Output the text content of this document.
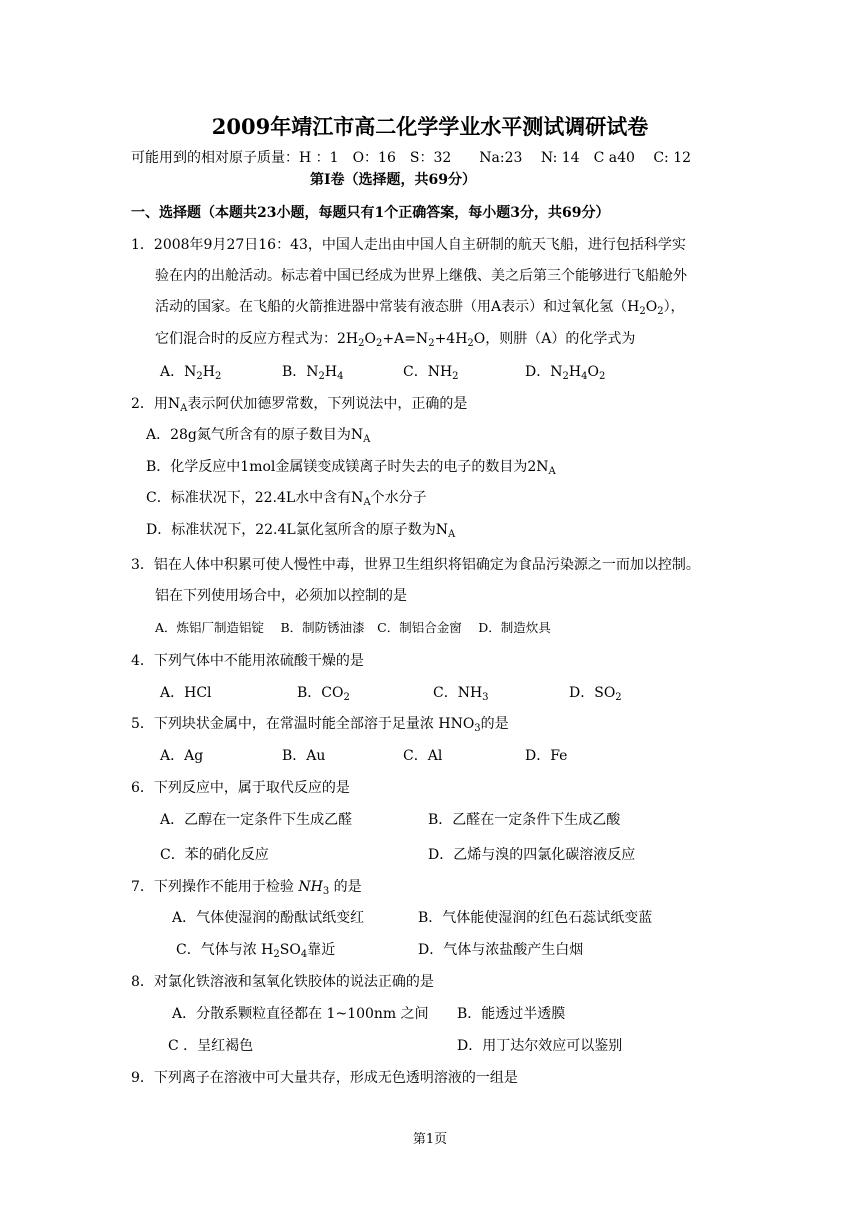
2009年靖江市高二化学学业水平测试调研试卷
可能用到的相对原子质量：H ：1　O：16　S：32　　Na:23　 N: 14　C a40　 C: 12
第Ⅰ卷（选择题，共69分）
一、选择题（本题共23小题，每题只有1个正确答案，每小题3分，共69分）
1．2008年9月27日16：43，中国人走出由中国人自主研制的航天飞船，进行包括科学实
验在内的出舱活动。标志着中国已经成为世界上继俄、美之后第三个能够进行飞船舱外
活动的国家。在飞船的火箭推进器中常装有液态肼（用A表示）和过氧化氢$(H_2O_2)$，
它们混合时的反应方程式为：$2H_2O_2+A=N_2+4H_2O$，则肼（A）的化学式为
A．$N_2H_2$	B．$N_2H_4$	C．$NH_2$	D．$N_2H_4O_2$
2．用$N_A$表示阿伏加德罗常数，下列说法中，正确的是
A．28g氮气所含有的原子数目为$N_A$
B．化学反应中1mol金属镁变成镁离子时失去的电子的数目为$2N_A$
C．标准状况下，22.4L水中含有$N_A$个水分子
D．标准状况下，22.4L氯化氢所含的原子数为$N_A$
3．铝在人体中积累可使人慢性中毒，世界卫生组织将铝确定为食品污染源之一而加以控制。
铝在下列使用场合中，必须加以控制的是
A．炼铝厂制造铝锭　 B．制防锈油漆　C．制铝合金窗　 D．制造炊具
4．下列气体中不能用浓硫酸干燥的是
A．HCl	B．$CO_2$	C．$NH_3$	D．$SO_2$
5．下列块状金属中，在常温时能全部溶于足量浓 $HNO_3$的是
A．Ag	B．Au	C．Al	D．Fe
6．下列反应中，属于取代反应的是
A．乙醇在一定条件下生成乙醛	B．乙醛在一定条件下生成乙酸
C．苯的硝化反应	D．乙烯与溴的四氯化碳溶液反应
7．下列操作不能用于检验 $NH_3$ 的是
A．气体使湿润的酚酞试纸变红	B．气体能使湿润的红色石蕊试纸变蓝
C．气体与浓 $H_2SO_4$靠近	D．气体与浓盐酸产生白烟
8．对氯化铁溶液和氢氧化铁胶体的说法正确的是
A．分散系颗粒直径都在 1~100nm 之间 B．能透过半透膜
C ．呈红褐色	D．用丁达尔效应可以鉴别
9．下列离子在溶液中可大量共存，形成无色透明溶液的一组是
第1页
